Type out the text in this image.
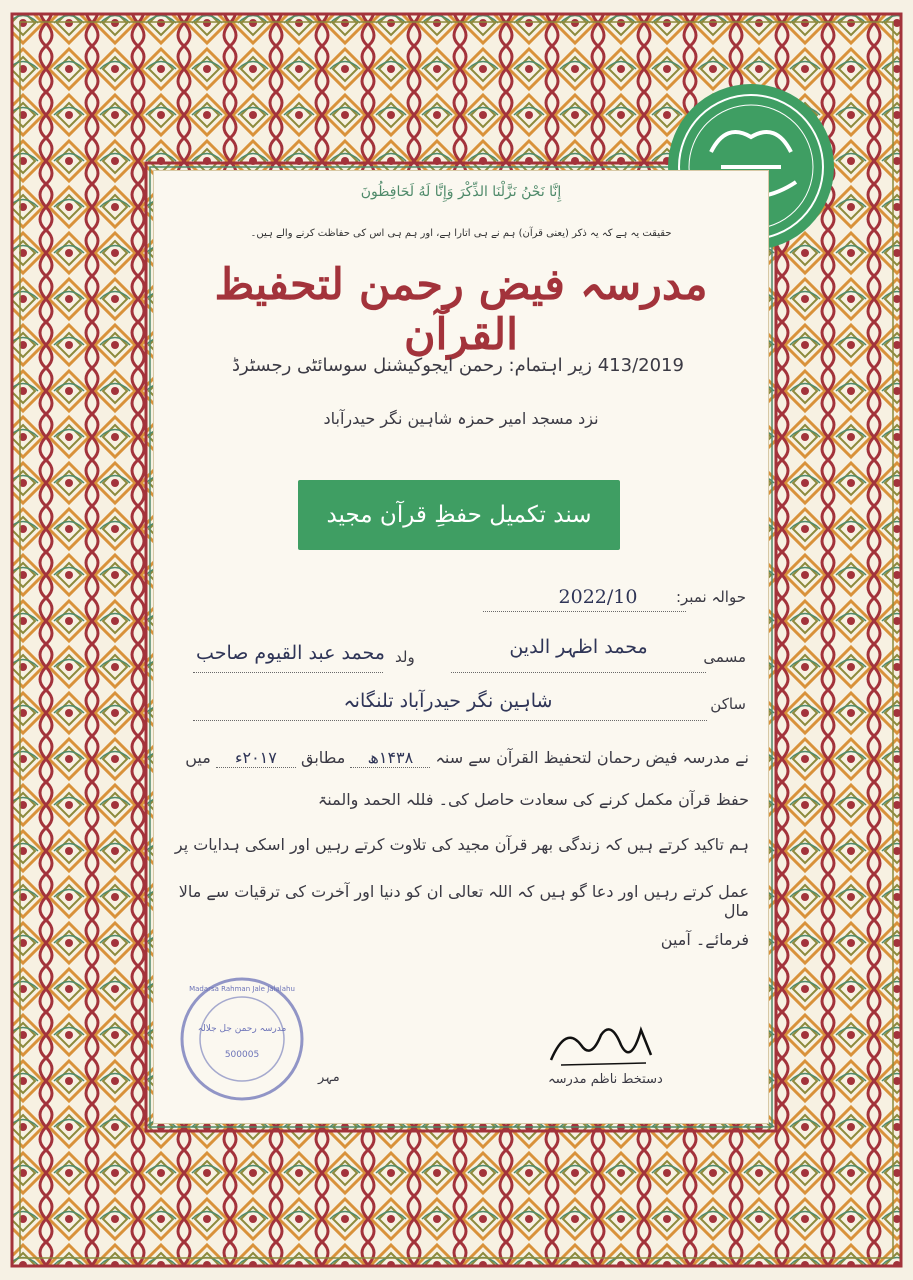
إِنَّا نَحْنُ نَزَّلْنَا الذِّكْرَ وَإِنَّا لَهُ لَحَافِظُونَ
حقیقت یہ ہے کہ یہ ذکر (یعنی قرآن) ہم نے ہی اتارا ہے، اور ہم ہی اس کی حفاظت کرنے والے ہیں۔
مدرسہ فیض رحمن لتحفیظ القرآن
زیر اہتمام: رحمن ایجوکیشنل سوسائٹی رجسٹرڈ 413/2019
نزد مسجد امیر حمزہ شاہین نگر حیدرآباد
سند تکمیل حفظِ قرآن مجید
حوالہ نمبر:
2022/10
مسمی
محمد اظہر الدین
ولد
محمد عبد القیوم صاحب
ساکن
شاہین نگر حیدرآباد تلنگانہ
نے مدرسہ فیض رحمان لتحفیظ القرآن سے سنہ ۱۴۳۸ھ مطابق ۲۰۱۷ء میں
حفظ قرآن مکمل کرنے کی سعادت حاصل کی۔ فللہ الحمد والمنۃ
ہم تاکید کرتے ہیں کہ زندگی بھر قرآن مجید کی تلاوت کرتے رہیں اور اسکی ہدایات پر
عمل کرتے رہیں اور دعا گو ہیں کہ اللہ تعالی ان کو دنیا اور آخرت کی ترقیات سے مالا مال
فرمائے۔ آمین
Madarsa Rahman Jale Jalalahu
مدرسہ رحمن جل جلالہ
500005
مہر	دستخط ناظم مدرسہ
